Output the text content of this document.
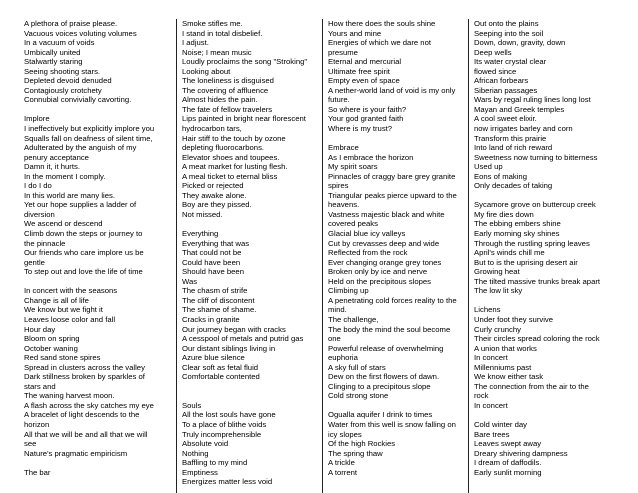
A plethora of praise please.
Vacuous voices voluting volumes
In a vacuum of voids
Umbically united
Stalwartly staring
Seeing shooting stars.
Depleted devoid denuded
Contagiously crotchety
Connubial convivially cavorting.
Implore
I ineffectively but explicitly implore you
Squalls fall on deafness of silent time,
Adulterated by the anguish of my
penury acceptance
Damn it, it hurts.
In the moment I comply.
I do I do
In this world are many lies.
Yet our hope supplies a ladder of
diversion
We ascend or descend
Climb down the steps or journey to
the pinnacle
Our friends who care implore us be
gentle
To step out and love the life of time
In concert with the seasons
Change is all of life
We know but we fight it
Leaves loose color and fall
Hour day
Bloom on spring
October waning
Red sand stone spires
Spread in clusters across the valley
Dark stillness broken by sparkles of
stars and
The waning harvest moon.
A flash across the sky catches my eye
A bracelet of light descends to the
horizon
All that we will be and all that we will
see
Nature's pragmatic empiricism
The bar
Smoke stifles me.
I stand in total disbelief.
I adjust.
Noise; I mean music
Loudly proclaims the song "Stroking"
Looking about
The loneliness is disguised
The covering of affluence
Almost hides the pain.
The fate of fellow travelers
Lips painted in bright near florescent
hydrocarbon tars,
Hair stiff to the touch by ozone
depleting fluorocarbons.
Elevator shoes and toupees.
A meat market for lusting flesh.
A meal ticket to eternal bliss
Picked or rejected
They awake alone.
Boy are they pissed.
Not missed.
Everything
Everything that was
That could not be
Could have been
Should have been
Was
The chasm of strife
The cliff of discontent
The shame of shame.
Cracks in granite
Our journey began with cracks
A cesspool of metals and putrid gas
Our distant siblings living in
Azure blue silence
Clear soft as fetal fluid
Comfortable contented
Souls
All the lost souls have gone
To a place of blithe voids
Truly incomprehensible
Absolute void
Nothing
Baffling to my mind
Emptiness
Energizes matter less void
How there does the souls shine
Yours and mine
Energies of which we dare not
presume
Eternal and mercurial
Ultimate free spirit
Empty even of space
A nether-world land of void is my only
future.
So where is your faith?
Your god granted faith
Where is my trust?
Embrace
As I embrace the horizon
My spirit soars
Pinnacles of craggy bare grey granite
spires
Triangular peaks pierce upward to the
heavens.
Vastness majestic black and white
covered peaks
Glacial blue icy valleys
Cut by crevasses deep and wide
Reflected from the rock
Ever changing orange grey tones
Broken only by ice and nerve
Held on the precipitous slopes
Climbing up
A penetrating cold forces reality to the
mind.
The challenge,
The body the mind the soul become
one
Powerful release of overwhelming
euphoria
A sky full of stars
Dew on the first flowers of dawn.
Clinging to a precipitous slope
Cold strong stone
Ogualla aquifer I drink to times
Water from this well is snow falling on
icy slopes
Of the high Rockies
The spring thaw
A trickle
A torrent
Out onto the plains
Seeping into the soil
Down, down, gravity, down
Deep wells
Its water crystal clear
flowed since
African forbears
Siberian passages
Wars by regal ruling lines long lost
Mayan and Greek temples
A cool sweet elixir.
now irrigates barley and corn
Transform this prairie
Into land of rich reward
Sweetness now turning to bitterness
Used up
Eons of making
Only decades of taking
Sycamore grove on buttercup creek
My fire dies down
The ebbing embers shine
Early morning sky shines
Through the rustling spring leaves
April's winds chill me
But to is the uprising desert air
Growing heat
The tilted massive trunks break apart
The low lit sky
Lichens
Under foot they survive
Curly crunchy
Their circles spread coloring the rock
A union that works
In concert
Millenniums past
We know either task
The connection from the air to the
rock
In concert
Cold winter day
Bare trees
Leaves swept away
Dreary shivering dampness
I dream of daffodils.
Early sunlit morning
